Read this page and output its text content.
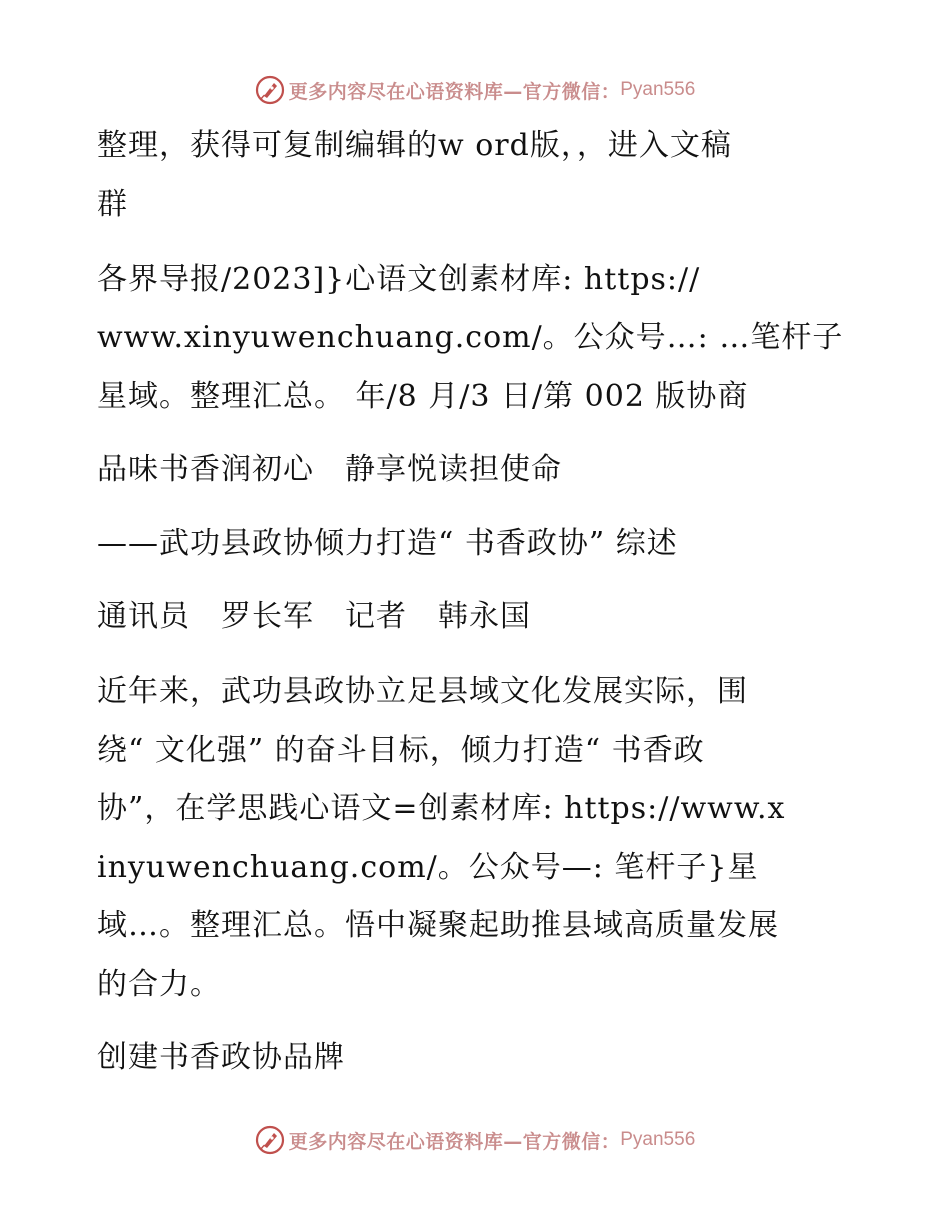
更多内容尽在心语资料库—官方微信： Pyan556
整理，获得可复制编辑的w ord版，，进入文稿
群
各界导报/2023]}心语文创素材库: https://
www.xinyuwenchuang.com/。公众号…: …笔杆子
星域。整理汇总。 年/8 月/3 日/第 002 版协商
品味书香润初心　静享悦读担使命
——武功县政协倾力打造“ 书香政协” 综述
通讯员　罗长军　记者　韩永国
近年来，武功县政协立足县域文化发展实际，围
绕“ 文化强” 的奋斗目标，倾力打造“ 书香政
协”，在学思践心语文=创素材库: https://www.x
inyuwenchuang.com/。公众号—: 笔杆子}星
域…。整理汇总。悟中凝聚起助推县域高质量发展
的合力。
创建书香政协品牌
更多内容尽在心语资料库—官方微信： Pyan556
